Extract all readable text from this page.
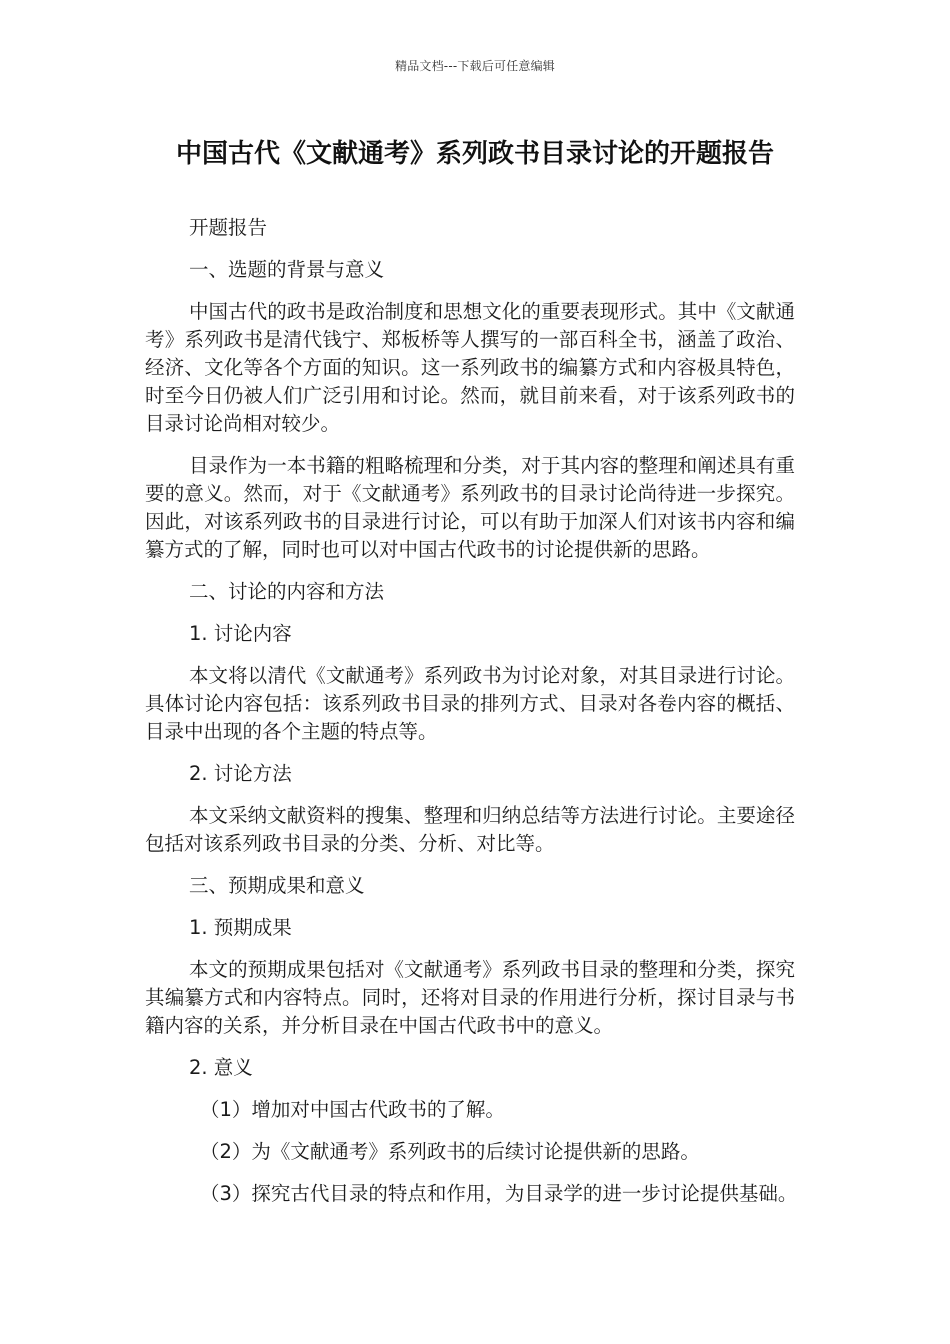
精品文档---下载后可任意编辑
中国古代《文献通考》系列政书目录讨论的开题报告

开题报告

一、选题的背景与意义

中国古代的政书是政治制度和思想文化的重要表现形式。其中《文献通考》系列政书是清代钱宁、郑板桥等人撰写的一部百科全书，涵盖了政治、经济、文化等各个方面的知识。这一系列政书的编纂方式和内容极具特色，时至今日仍被人们广泛引用和讨论。然而，就目前来看，对于该系列政书的目录讨论尚相对较少。

目录作为一本书籍的粗略梳理和分类，对于其内容的整理和阐述具有重要的意义。然而，对于《文献通考》系列政书的目录讨论尚待进一步探究。因此，对该系列政书的目录进行讨论，可以有助于加深人们对该书内容和编纂方式的了解，同时也可以对中国古代政书的讨论提供新的思路。

二、讨论的内容和方法

1. 讨论内容

本文将以清代《文献通考》系列政书为讨论对象，对其目录进行讨论。具体讨论内容包括：该系列政书目录的排列方式、目录对各卷内容的概括、目录中出现的各个主题的特点等。

2. 讨论方法

本文采纳文献资料的搜集、整理和归纳总结等方法进行讨论。主要途径包括对该系列政书目录的分类、分析、对比等。

三、预期成果和意义

1. 预期成果

本文的预期成果包括对《文献通考》系列政书目录的整理和分类，探究其编纂方式和内容特点。同时，还将对目录的作用进行分析，探讨目录与书籍内容的关系，并分析目录在中国古代政书中的意义。

2. 意义

（1）增加对中国古代政书的了解。

（2）为《文献通考》系列政书的后续讨论提供新的思路。

（3）探究古代目录的特点和作用，为目录学的进一步讨论提供基础。
